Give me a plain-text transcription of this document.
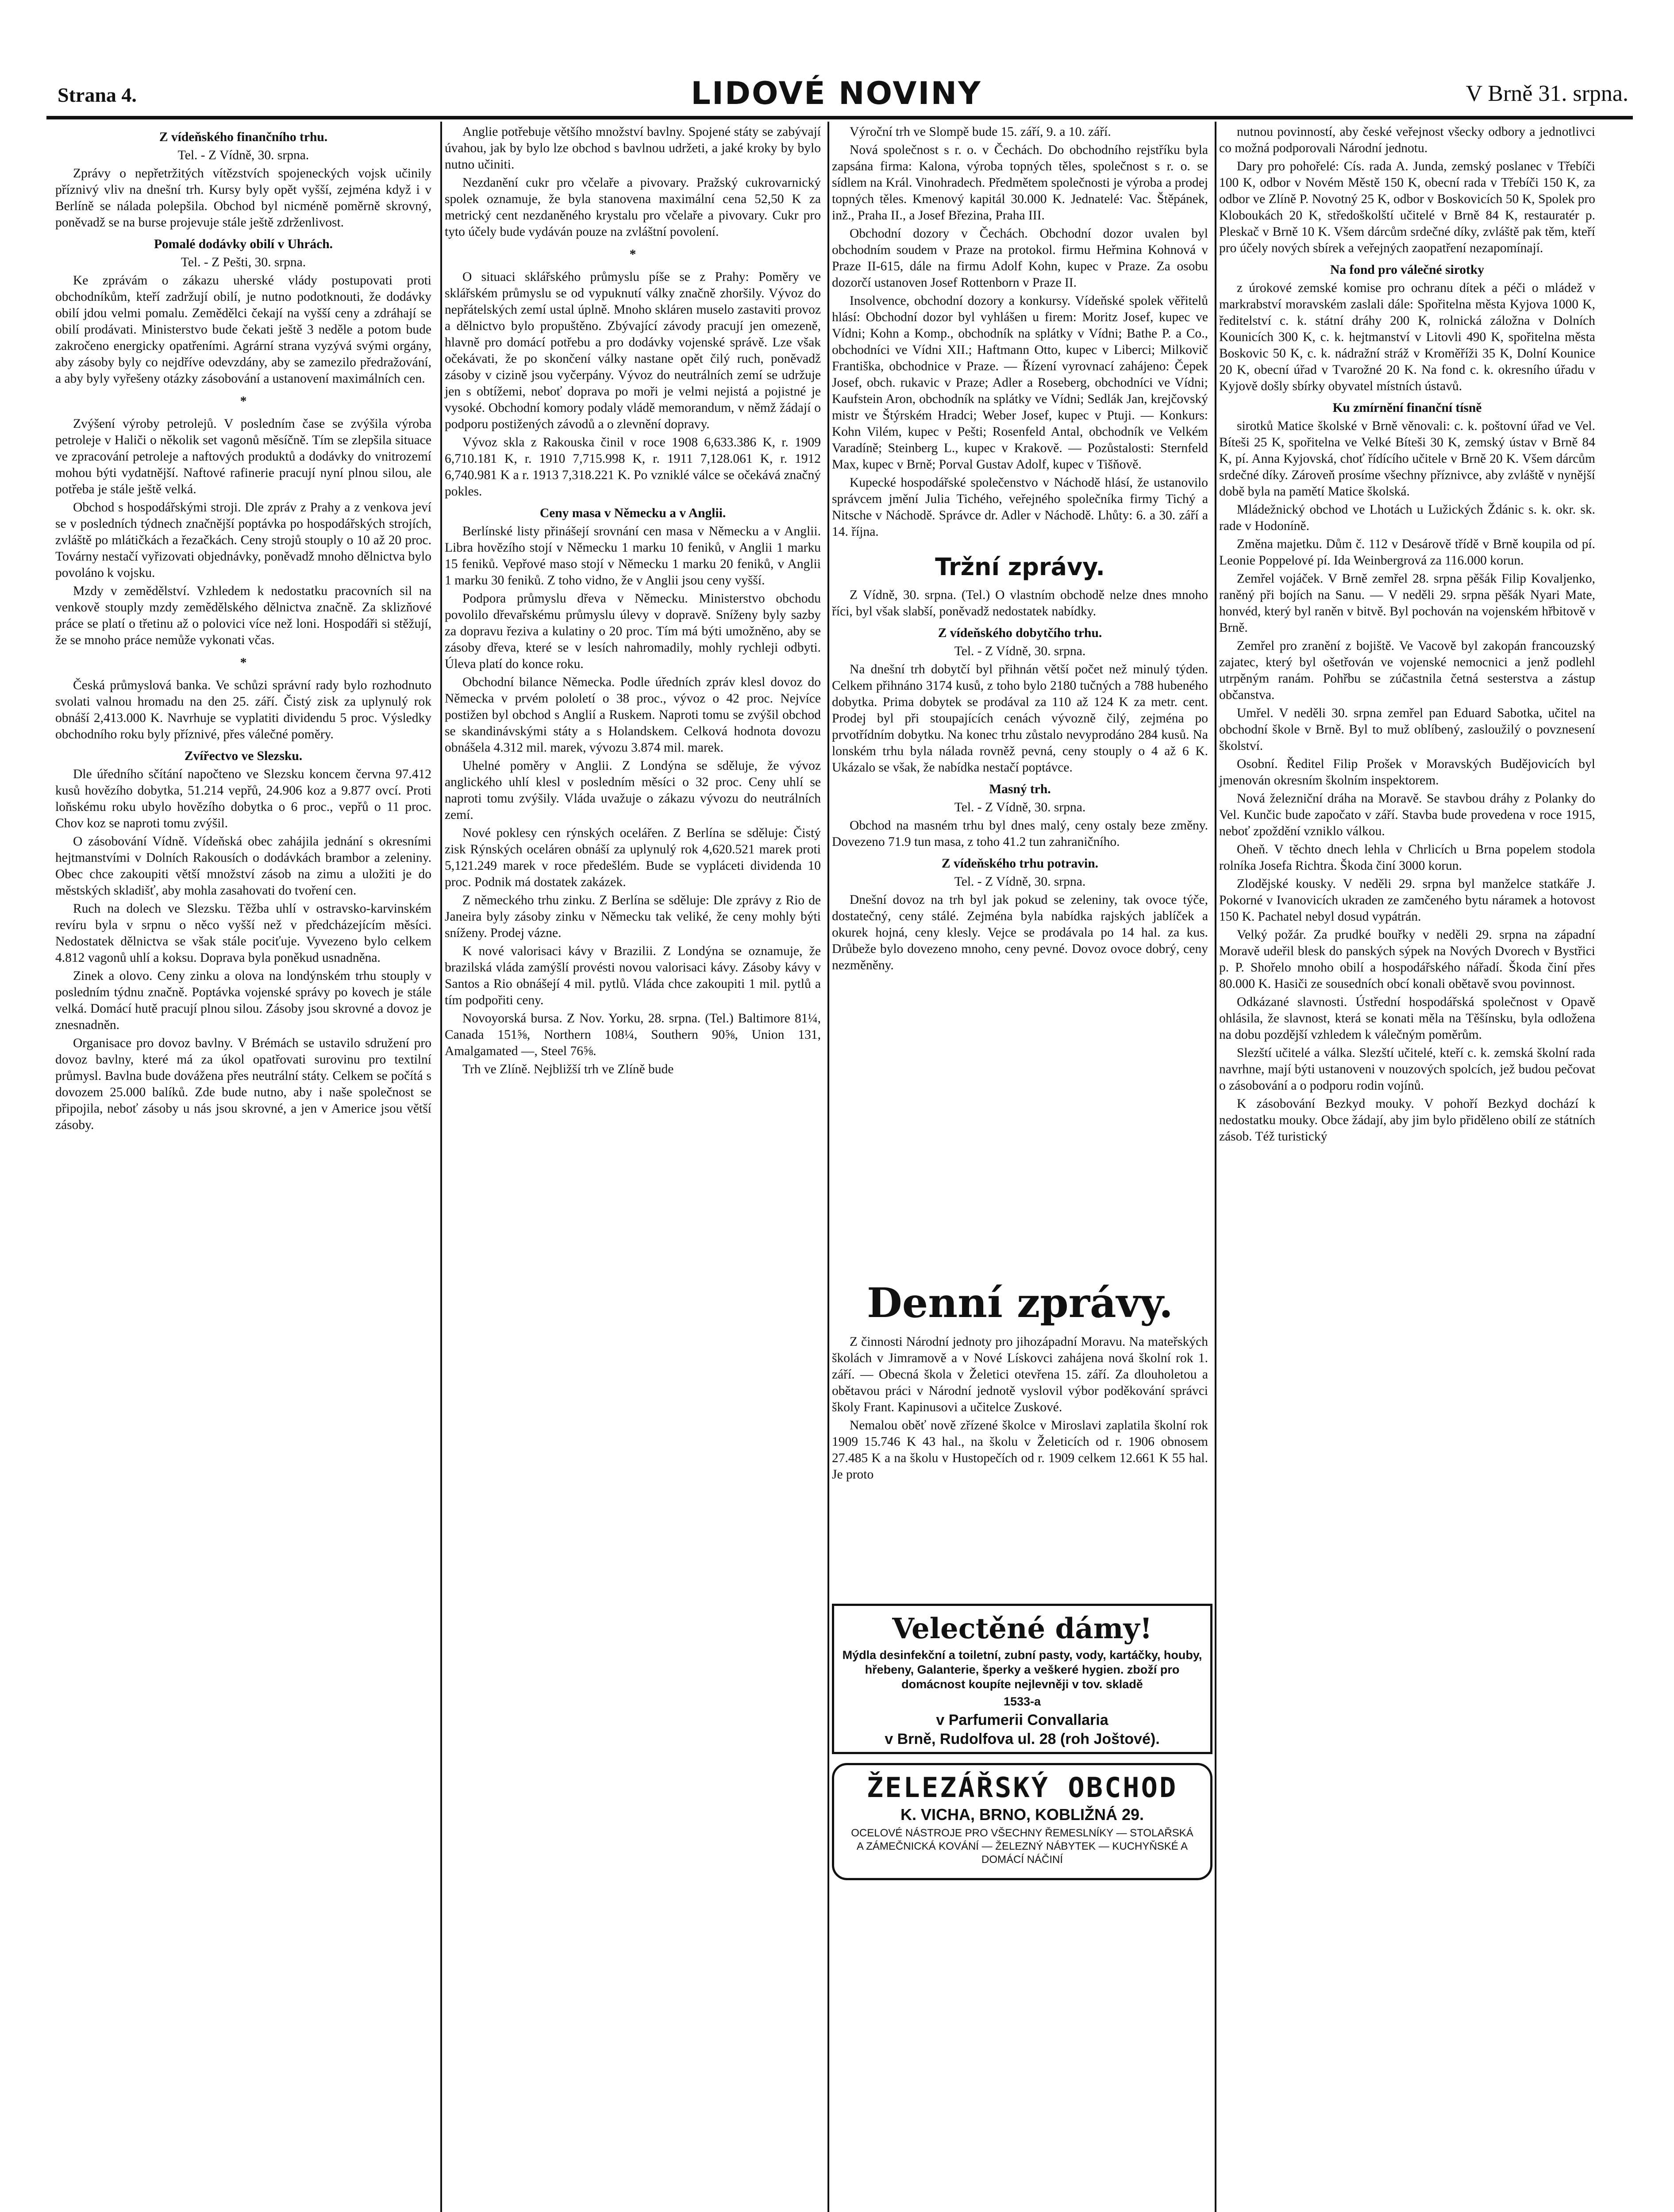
Strana 4.	LIDOVÉ NOVINY	V Brně 31. srpna.

Z vídeňského finančního trhu.

Tel. - Z Vídně, 30. srpna.

Zprávy o nepřetržitých vítězstvích spojeneckých vojsk učinily příznivý vliv na dnešní trh. Kursy byly opět vyšší, zejména když i v Berlíně se nálada polepšila. Obchod byl nicméně poměrně skrovný, poněvadž se na burse projevuje stále ještě zdrženlivost.

Pomalé dodávky obilí v Uhrách.

Tel. - Z Pešti, 30. srpna.

Ke zprávám o zákazu uherské vlády postupovati proti obchodníkům, kteří zadržují obilí, je nutno podotknouti, že dodávky obilí jdou velmi pomalu. Zemědělci čekají na vyšší ceny a zdráhají se obilí prodávati. Ministerstvo bude čekati ještě 3 neděle a potom bude zakročeno energicky opatřeními. Agrární strana vyzývá svými orgány, aby zásoby byly co nejdříve odevzdány, aby se zamezilo předražování, a aby byly vyřešeny otázky zásobování a ustanovení maximálních cen.

*

Zvýšení výroby petrolejů. V posledním čase se zvýšila výroba petroleje v Haliči o několik set vagonů měsíčně. Tím se zlepšila situace ve zpracování petroleje a naftových produktů a dodávky do vnitrozemí mohou býti vydatnější. Naftové rafinerie pracují nyní plnou silou, ale potřeba je stále ještě velká.

Obchod s hospodářskými stroji. Dle zpráv z Prahy a z venkova jeví se v posledních týdnech značnější poptávka po hospodářských strojích, zvláště po mlátičkách a řezačkách. Ceny strojů stouply o 10 až 20 proc. Továrny nestačí vyřizovati objednávky, poněvadž mnoho dělnictva bylo povoláno k vojsku.

Mzdy v zemědělství. Vzhledem k nedostatku pracovních sil na venkově stouply mzdy zemědělského dělnictva značně. Za sklizňové práce se platí o třetinu až o polovici více než loni. Hospodáři si stěžují, že se mnoho práce nemůže vykonati včas.

*

Česká průmyslová banka. Ve schůzi správní rady bylo rozhodnuto svolati valnou hromadu na den 25. září. Čistý zisk za uplynulý rok obnáší 2,413.000 K. Navrhuje se vyplatiti dividendu 5 proc. Výsledky obchodního roku byly příznivé, přes válečné poměry.

Zvířectvo ve Slezsku.

Dle úředního sčítání napočteno ve Slezsku koncem června 97.412 kusů hovězího dobytka, 51.214 vepřů, 24.906 koz a 9.877 ovcí. Proti loňskému roku ubylo hovězího dobytka o 6 proc., vepřů o 11 proc. Chov koz se naproti tomu zvýšil.

O zásobování Vídně. Vídeňská obec zahájila jednání s okresními hejtmanstvími v Dolních Rakousích o dodávkách brambor a zeleniny. Obec chce zakoupiti větší množství zásob na zimu a uložiti je do městských skladišť, aby mohla zasahovati do tvoření cen.

Ruch na dolech ve Slezsku. Těžba uhlí v ostravsko-karvinském revíru byla v srpnu o něco vyšší než v předcházejícím měsíci. Nedostatek dělnictva se však stále pociťuje. Vyvezeno bylo celkem 4.812 vagonů uhlí a koksu. Doprava byla poněkud usnadněna.

Zinek a olovo. Ceny zinku a olova na londýnském trhu stouply v posledním týdnu značně. Poptávka vojenské správy po kovech je stále velká. Domácí hutě pracují plnou silou. Zásoby jsou skrovné a dovoz je znesnadněn.

Organisace pro dovoz bavlny. V Brémách se ustavilo sdružení pro dovoz bavlny, které má za úkol opatřovati surovinu pro textilní průmysl. Bavlna bude dovážena přes neutrální státy. Celkem se počítá s dovozem 25.000 balíků. Zde bude nutno, aby i naše společnost se připojila, neboť zásoby u nás jsou skrovné, a jen v Americe jsou větší zásoby.

Anglie potřebuje většího množství bavlny. Spojené státy se zabývají úvahou, jak by bylo lze obchod s bavlnou udržeti, a jaké kroky by bylo nutno učiniti.

Nezdanění cukr pro včelaře a pivovary. Pražský cukrovarnický spolek oznamuje, že byla stanovena maximální cena 52,50 K za metrický cent nezdaněného krystalu pro včelaře a pivovary. Cukr pro tyto účely bude vydáván pouze na zvláštní povolení.

*

O situaci sklářského průmyslu píše se z Prahy: Poměry ve sklářském průmyslu se od vypuknutí války značně zhoršily. Vývoz do nepřátelských zemí ustal úplně. Mnoho skláren muselo zastaviti provoz a dělnictvo bylo propuštěno. Zbývající závody pracují jen omezeně, hlavně pro domácí potřebu a pro dodávky vojenské správě. Lze však očekávati, že po skončení války nastane opět čilý ruch, poněvadž zásoby v cizině jsou vyčerpány. Vývoz do neutrálních zemí se udržuje jen s obtížemi, neboť doprava po moři je velmi nejistá a pojistné je vysoké. Obchodní komory podaly vládě memorandum, v němž žádají o podporu postižených závodů a o zlevnění dopravy.

Vývoz skla z Rakouska činil v roce 1908 6,633.386 K, r. 1909 6,710.181 K, r. 1910 7,715.998 K, r. 1911 7,128.061 K, r. 1912 6,740.981 K a r. 1913 7,318.221 K. Po vzniklé válce se očekává značný pokles.

Ceny masa v Německu a v Anglii.

Berlínské listy přinášejí srovnání cen masa v Německu a v Anglii. Libra hovězího stojí v Německu 1 marku 10 feniků, v Anglii 1 marku 15 feniků. Vepřové maso stojí v Německu 1 marku 20 feniků, v Anglii 1 marku 30 feniků. Z toho vidno, že v Anglii jsou ceny vyšší.

Podpora průmyslu dřeva v Německu. Ministerstvo obchodu povolilo dřevařskému průmyslu úlevy v dopravě. Sníženy byly sazby za dopravu řeziva a kulatiny o 20 proc. Tím má býti umožněno, aby se zásoby dřeva, které se v lesích nahromadily, mohly rychleji odbyti. Úleva platí do konce roku.

Obchodní bilance Německa. Podle úředních zpráv klesl dovoz do Německa v prvém pololetí o 38 proc., vývoz o 42 proc. Nejvíce postižen byl obchod s Anglií a Ruskem. Naproti tomu se zvýšil obchod se skandinávskými státy a s Holandskem. Celková hodnota dovozu obnášela 4.312 mil. marek, vývozu 3.874 mil. marek.

Uhelné poměry v Anglii. Z Londýna se sděluje, že vývoz anglického uhlí klesl v posledním měsíci o 32 proc. Ceny uhlí se naproti tomu zvýšily. Vláda uvažuje o zákazu vývozu do neutrálních zemí.

Nové poklesy cen rýnských ocelářen. Z Berlína se sděluje: Čistý zisk Rýnských oceláren obnáší za uplynulý rok 4,620.521 marek proti 5,121.249 marek v roce předešlém. Bude se vypláceti dividenda 10 proc. Podnik má dostatek zakázek.

Z německého trhu zinku. Z Berlína se sděluje: Dle zprávy z Rio de Janeira byly zásoby zinku v Německu tak veliké, že ceny mohly býti sníženy. Prodej vázne.

K nové valorisaci kávy v Brazilii. Z Londýna se oznamuje, že brazilská vláda zamýšlí provésti novou valorisaci kávy. Zásoby kávy v Santos a Rio obnášejí 4 mil. pytlů. Vláda chce zakoupiti 1 mil. pytlů a tím podpořiti ceny.

Novoyorská bursa. Z Nov. Yorku, 28. srpna. (Tel.) Baltimore 81¼, Canada 151⅝, Northern 108¼, Southern 90⅝, Union 131, Amalgamated —, Steel 76⅝.

Trh ve Zlíně. Nejbližší trh ve Zlíně bude

Výroční trh ve Slompě bude 15. září, 9. a 10. září.

Nová společnost s r. o. v Čechách. Do obchodního rejstříku byla zapsána firma: Kalona, výroba topných těles, společnost s r. o. se sídlem na Král. Vinohradech. Předmětem společnosti je výroba a prodej topných těles. Kmenový kapitál 30.000 K. Jednatelé: Vac. Štěpánek, inž., Praha II., a Josef Březina, Praha III.

Obchodní dozory v Čechách. Obchodní dozor uvalen byl obchodním soudem v Praze na protokol. firmu Heřmina Kohnová v Praze II-615, dále na firmu Adolf Kohn, kupec v Praze. Za osobu dozorčí ustanoven Josef Rottenborn v Praze II.

Insolvence, obchodní dozory a konkursy. Vídeňské spolek věřitelů hlásí: Obchodní dozor byl vyhlášen u firem: Moritz Josef, kupec ve Vídni; Kohn a Komp., obchodník na splátky v Vídni; Bathe P. a Co., obchodníci ve Vídni XII.; Haftmann Otto, kupec v Liberci; Milkovič Františka, obchodnice v Praze. — Řízení vyrovnací zahájeno: Čepek Josef, obch. rukavic v Praze; Adler a Roseberg, obchodníci ve Vídni; Kaufstein Aron, obchodník na splátky ve Vídni; Sedlák Jan, krejčovský mistr ve Štýrském Hradci; Weber Josef, kupec v Ptuji. — Konkurs: Kohn Vilém, kupec v Pešti; Rosenfeld Antal, obchodník ve Velkém Varadíně; Steinberg L., kupec v Krakově. — Pozůstalosti: Sternfeld Max, kupec v Brně; Porval Gustav Adolf, kupec v Tišňově.

Kupecké hospodářské společenstvo v Náchodě hlásí, že ustanovilo správcem jmění Julia Tichého, veřejného společníka firmy Tichý a Nitsche v Náchodě. Správce dr. Adler v Náchodě. Lhůty: 6. a 30. září a 14. října.

Tržní zprávy.

Z Vídně, 30. srpna. (Tel.) O vlastním obchodě nelze dnes mnoho říci, byl však slabší, poněvadž nedostatek nabídky.

Z vídeňského dobytčího trhu.

Tel. - Z Vídně, 30. srpna.

Na dnešní trh dobytčí byl přihnán větší počet než minulý týden. Celkem přihnáno 3174 kusů, z toho bylo 2180 tučných a 788 hubeného dobytka. Prima dobytek se prodával za 110 až 124 K za metr. cent. Prodej byl při stoupajících cenách vývozně čilý, zejména po prvotřídním dobytku. Na konec trhu zůstalo nevyprodáno 284 kusů. Na lonském trhu byla nálada rovněž pevná, ceny stouply o 4 až 6 K. Ukázalo se však, že nabídka nestačí poptávce.

Masný trh.

Tel. - Z Vídně, 30. srpna.

Obchod na masném trhu byl dnes malý, ceny ostaly beze změny. Dovezeno 71.9 tun masa, z toho 41.2 tun zahraničního.

Z vídeňského trhu potravin.

Tel. - Z Vídně, 30. srpna.

Dnešní dovoz na trh byl jak pokud se zeleniny, tak ovoce týče, dostatečný, ceny stálé. Zejména byla nabídka rajských jablíček a okurek hojná, ceny klesly. Vejce se prodávala po 14 hal. za kus. Drůbeže bylo dovezeno mnoho, ceny pevné. Dovoz ovoce dobrý, ceny nezměněny.

Denní zprávy.

Z činnosti Národní jednoty pro jihozápadní Moravu. Na mateřských školách v Jimramově a v Nové Lískovci zahájena nová školní rok 1. září. — Obecná škola v Želetici otevřena 15. září. Za dlouholetou a obětavou práci v Národní jednotě vyslovil výbor poděkování správci školy Frant. Kapinusovi a učitelce Zuskové.

Nemalou oběť nově zřízené školce v Miroslavi zaplatila školní rok 1909 15.746 K 43 hal., na školu v Želeticích od r. 1906 obnosem 27.485 K a na školu v Hustopečích od r. 1909 celkem 12.661 K 55 hal. Je proto

nutnou povinností, aby české veřejnost všecky odbory a jednotlivci co možná podporovali Národní jednotu.

Dary pro pohořelé: Cís. rada A. Junda, zemský poslanec v Třebíči 100 K, odbor v Novém Městě 150 K, obecní rada v Třebíči 150 K, za odbor ve Zlíně P. Novotný 25 K, odbor v Boskovicích 50 K, Spolek pro Kloboukách 20 K, středoškolští učitelé v Brně 84 K, restauratér p. Pleskač v Brně 10 K. Všem dárcům srdečné díky, zvláště pak těm, kteří pro účely nových sbírek a veřejných zaopatření nezapomínají.

Na fond pro válečné sirotky

z úrokové zemské komise pro ochranu dítek a péči o mládež v markrabství moravském zaslali dále: Spořitelna města Kyjova 1000 K, ředitelství c. k. státní dráhy 200 K, rolnická záložna v Dolních Kounicích 300 K, c. k. hejtmanství v Litovli 490 K, spořitelna města Boskovic 50 K, c. k. nádražní stráž v Kroměříži 35 K, Dolní Kounice 20 K, obecní úřad v Tvarožné 20 K. Na fond c. k. okresního úřadu v Kyjově došly sbírky obyvatel místních ústavů.

Ku zmírnění finanční tísně

sirotků Matice školské v Brně věnovali: c. k. poštovní úřad ve Vel. Bíteši 25 K, spořitelna ve Velké Bíteši 30 K, zemský ústav v Brně 84 K, pí. Anna Kyjovská, choť řídícího učitele v Brně 20 K. Všem dárcům srdečné díky. Zároveň prosíme všechny příznivce, aby zvláště v nynější době byla na pamětí Matice školská.

Mládežnický obchod ve Lhotách u Lužických Ždánic s. k. okr. sk. rade v Hodoníně.

Změna majetku. Dům č. 112 v Desárově třídě v Brně koupila od pí. Leonie Poppelové pí. Ida Weinbergrová za 116.000 korun.

Zemřel vojáček. V Brně zemřel 28. srpna pěšák Filip Kovaljenko, raněný při bojích na Sanu. — V neděli 29. srpna pěšák Nyari Mate, honvéd, který byl raněn v bitvě. Byl pochován na vojenském hřbitově v Brně.

Zemřel pro zranění z bojiště. Ve Vacově byl zakopán francouzský zajatec, který byl ošetřován ve vojenské nemocnici a jenž podlehl utrpěným ranám. Pohřbu se zúčastnila četná sesterstva a zástup občanstva.

Umřel. V neděli 30. srpna zemřel pan Eduard Sabotka, učitel na obchodní škole v Brně. Byl to muž oblíbený, zasloužilý o povznesení školství.

Osobní. Ředitel Filip Prošek v Moravských Budějovicích byl jmenován okresním školním inspektorem.

Nová železniční dráha na Moravě. Se stavbou dráhy z Polanky do Vel. Kunčic bude započato v září. Stavba bude provedena v roce 1915, neboť zpoždění vzniklo válkou.

Oheň. V těchto dnech lehla v Chrlicích u Brna popelem stodola rolníka Josefa Richtra. Škoda činí 3000 korun.

Zlodějské kousky. V neděli 29. srpna byl manželce statkáře J. Pokorné v Ivanovicích ukraden ze zamčeného bytu náramek a hotovost 150 K. Pachatel nebyl dosud vypátrán.

Velký požár. Za prudké bouřky v neděli 29. srpna na západní Moravě udeřil blesk do panských sýpek na Nových Dvorech v Bystřici p. P. Shořelo mnoho obilí a hospodářského nářadí. Škoda činí přes 80.000 K. Hasiči ze sousedních obcí konali obětavě svou povinnost.

Odkázané slavnosti. Ústřední hospodářská společnost v Opavě ohlásila, že slavnost, která se konati měla na Těšínsku, byla odložena na dobu pozdější vzhledem k válečným poměrům.

Slezští učitelé a válka. Slezští učitelé, kteří c. k. zemská školní rada navrhne, mají býti ustanoveni v nouzových spolcích, jež budou pečovat o zásobování a o podporu rodin vojínů.

K zásobování Bezkyd mouky. V pohoří Bezkyd dochází k nedostatku mouky. Obce žádají, aby jim bylo přiděleno obilí ze státních zásob. Též turistický

Velectěné dámy!
Mýdla desinfekční a toiletní, zubní pasty, vody, kartáčky, houby, hřebeny, Galanterie, šperky a veškeré hygien. zboží pro domácnost koupíte nejlevněji v tov. skladě
1533-a
v Parfumerii Convallaria
v Brně, Rudolfova ul. 28 (roh Joštové).
ŽELEZÁŘSKÝ OBCHOD
K. VICHA, BRNO, KOBLIŽNÁ 29.
OCELOVÉ NÁSTROJE PRO VŠECHNY ŘEMESLNÍKY — STOLAŘSKÁ A ZÁMEČNICKÁ KOVÁNÍ — ŽELEZNÝ NÁBYTEK — KUCHYŇSKÉ A DOMÁCÍ NÁČINÍ
